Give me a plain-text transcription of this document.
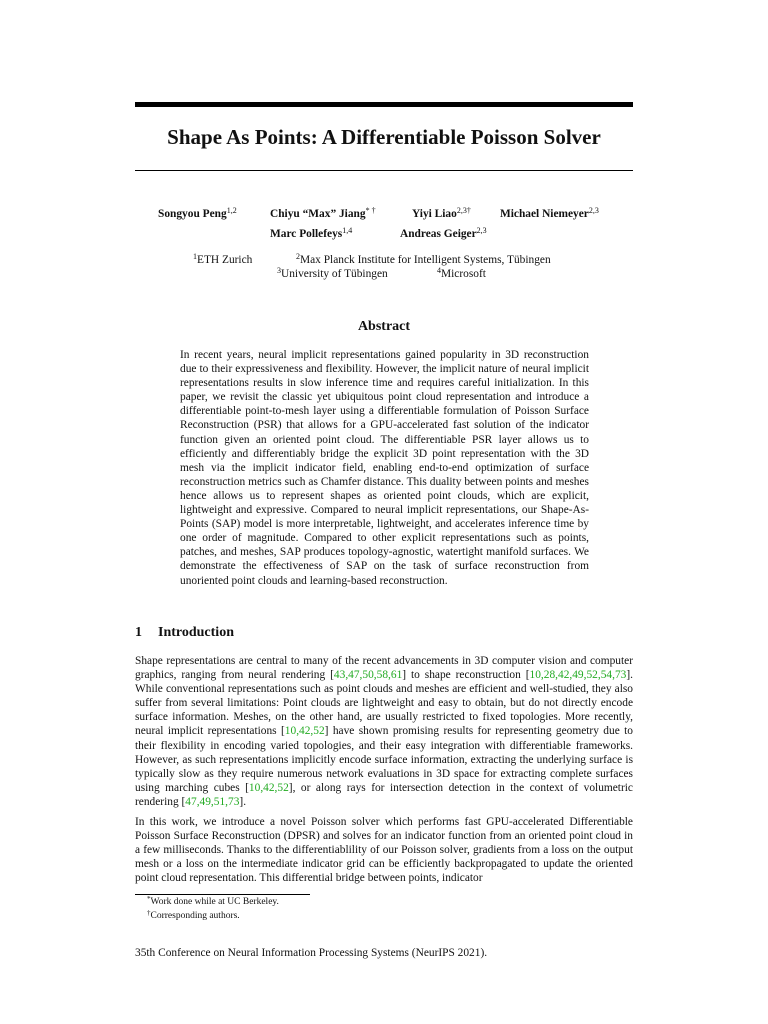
Shape As Points: A Differentiable Poisson Solver
Songyou Peng$^{1,2}$	Chiyu “Max” Jiang* †	Yiyi Liao$^{2,3\dagger}$	Michael Niemeyer$^{2,3}$
Marc Pollefeys$^{1,4}$	Andreas Geiger$^{2,3}$
$^1$ETH Zurich	$^2$Max Planck Institute for Intelligent Systems, Tübingen
$^3$University of Tübingen	$^4$Microsoft
Abstract
In recent years, neural implicit representations gained popularity in 3D reconstruction due to their expressiveness and flexibility. However, the implicit nature of neural implicit representations results in slow inference time and requires careful initialization. In this paper, we revisit the classic yet ubiquitous point cloud representation and introduce a differentiable point-to-mesh layer using a differentiable formulation of Poisson Surface Reconstruction (PSR) that allows for a GPU-accelerated fast solution of the indicator function given an oriented point cloud. The differentiable PSR layer allows us to efficiently and differentiably bridge the explicit 3D point representation with the 3D mesh via the implicit indicator field, enabling end-to-end optimization of surface reconstruction metrics such as Chamfer distance. This duality between points and meshes hence allows us to represent shapes as oriented point clouds, which are explicit, lightweight and expressive. Compared to neural implicit representations, our Shape-As-Points (SAP) model is more interpretable, lightweight, and accelerates inference time by one order of magnitude. Compared to other explicit representations such as points, patches, and meshes, SAP produces topology-agnostic, watertight manifold surfaces. We demonstrate the effectiveness of SAP on the task of surface reconstruction from unoriented point clouds and learning-based reconstruction.
1 Introduction
Shape representations are central to many of the recent advancements in 3D computer vision and computer graphics, ranging from neural rendering [43,47,50,58,61] to shape reconstruction [10,28,42,49,52,54,73]. While conventional representations such as point clouds and meshes are efficient and well-studied, they also suffer from several limitations: Point clouds are lightweight and easy to obtain, but do not directly encode surface information. Meshes, on the other hand, are usually restricted to fixed topologies. More recently, neural implicit representations [10,42,52] have shown promising results for representing geometry due to their flexibility in encoding varied topologies, and their easy integration with differentiable frameworks. However, as such representations implicitly encode surface information, extracting the underlying surface is typically slow as they require numerous network evaluations in 3D space for extracting complete surfaces using marching cubes [10,42,52], or along rays for intersection detection in the context of volumetric rendering [47,49,51,73].
In this work, we introduce a novel Poisson solver which performs fast GPU-accelerated Differentiable Poisson Surface Reconstruction (DPSR) and solves for an indicator function from an oriented point cloud in a few milliseconds. Thanks to the differentiablility of our Poisson solver, gradients from a loss on the output mesh or a loss on the intermediate indicator grid can be efficiently backpropagated to update the oriented point cloud representation. This differential bridge between points, indicator
*Work done while at UC Berkeley.
†Corresponding authors.
35th Conference on Neural Information Processing Systems (NeurIPS 2021).
